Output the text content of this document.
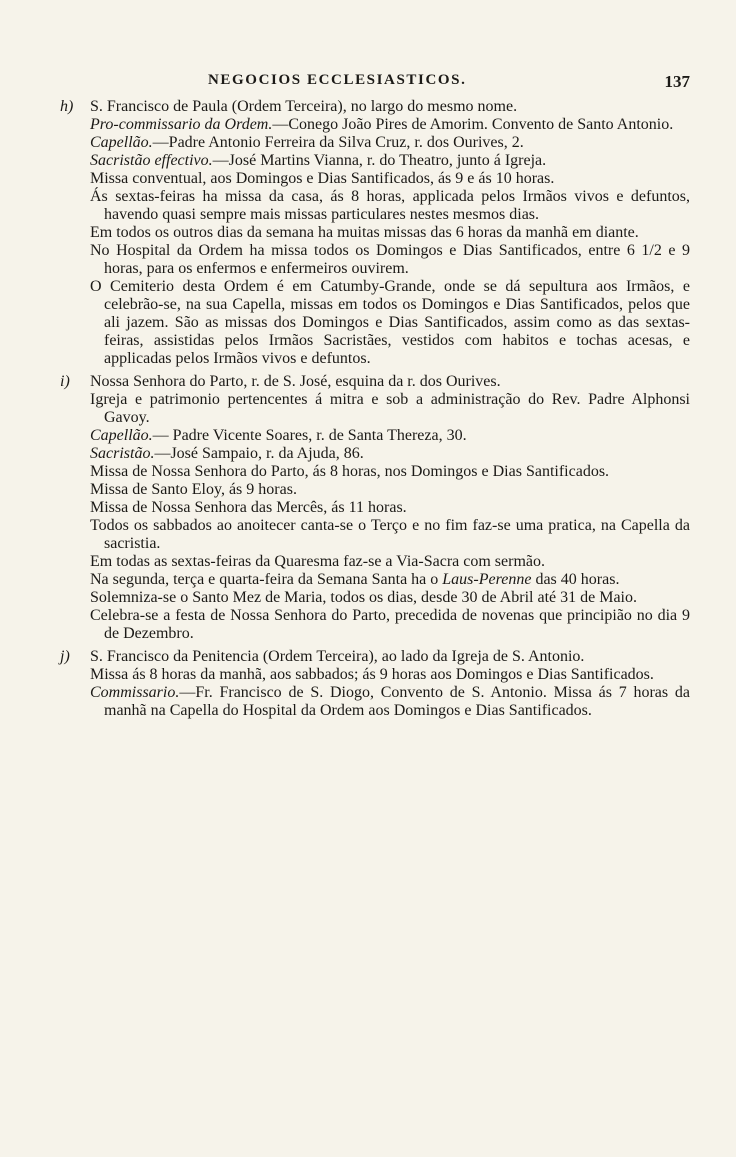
NEGOCIOS ECCLESIASTICOS.	137
h) S. Francisco de Paula (Ordem Terceira), no largo do mesmo nome.

Pro-commissario da Ordem.—Conego João Pires de Amorim. Convento de Santo Antonio.

Capellão.—Padre Antonio Ferreira da Silva Cruz, r. dos Ourives, 2.

Sacristão effectivo.—José Martins Vianna, r. do Theatro, junto á Igreja.

Missa conventual, aos Domingos e Dias Santificados, ás 9 e ás 10 horas.

Ás sextas-feiras ha missa da casa, ás 8 horas, applicada pelos Irmãos vivos e defuntos, havendo quasi sempre mais missas particulares nestes mesmos dias.

Em todos os outros dias da semana ha muitas missas das 6 horas da manhã em diante.

No Hospital da Ordem ha missa todos os Domingos e Dias Santificados, entre 6 1/2 e 9 horas, para os enfermos e enfermeiros ouvirem.

O Cemiterio desta Ordem é em Catumby-Grande, onde se dá sepultura aos Irmãos, e celebrão-se, na sua Capella, missas em todos os Domingos e Dias Santificados, pelos que ali jazem. São as missas dos Domingos e Dias Santificados, assim como as das sextas-feiras, assistidas pelos Irmãos Sacristães, vestidos com habitos e tochas acesas, e applicadas pelos Irmãos vivos e defuntos.

i) Nossa Senhora do Parto, r. de S. José, esquina da r. dos Ourives.

Igreja e patrimonio pertencentes á mitra e sob a administração do Rev. Padre Alphonsi Gavoy.

Capellão.— Padre Vicente Soares, r. de Santa Thereza, 30.

Sacristão.—José Sampaio, r. da Ajuda, 86.

Missa de Nossa Senhora do Parto, ás 8 horas, nos Domingos e Dias Santificados.

Missa de Santo Eloy, ás 9 horas.

Missa de Nossa Senhora das Mercês, ás 11 horas.

Todos os sabbados ao anoitecer canta-se o Terço e no fim faz-se uma pratica, na Capella da sacristia.

Em todas as sextas-feiras da Quaresma faz-se a Via-Sacra com sermão.

Na segunda, terça e quarta-feira da Semana Santa ha o Laus-Perenne das 40 horas.

Solemniza-se o Santo Mez de Maria, todos os dias, desde 30 de Abril até 31 de Maio.

Celebra-se a festa de Nossa Senhora do Parto, precedida de novenas que principião no dia 9 de Dezembro.

j) S. Francisco da Penitencia (Ordem Terceira), ao lado da Igreja de S. Antonio.

Missa ás 8 horas da manhã, aos sabbados; ás 9 horas aos Domingos e Dias Santificados.

Commissario.—Fr. Francisco de S. Diogo, Convento de S. Antonio. Missa ás 7 horas da manhã na Capella do Hospital da Ordem aos Domingos e Dias Santificados.
